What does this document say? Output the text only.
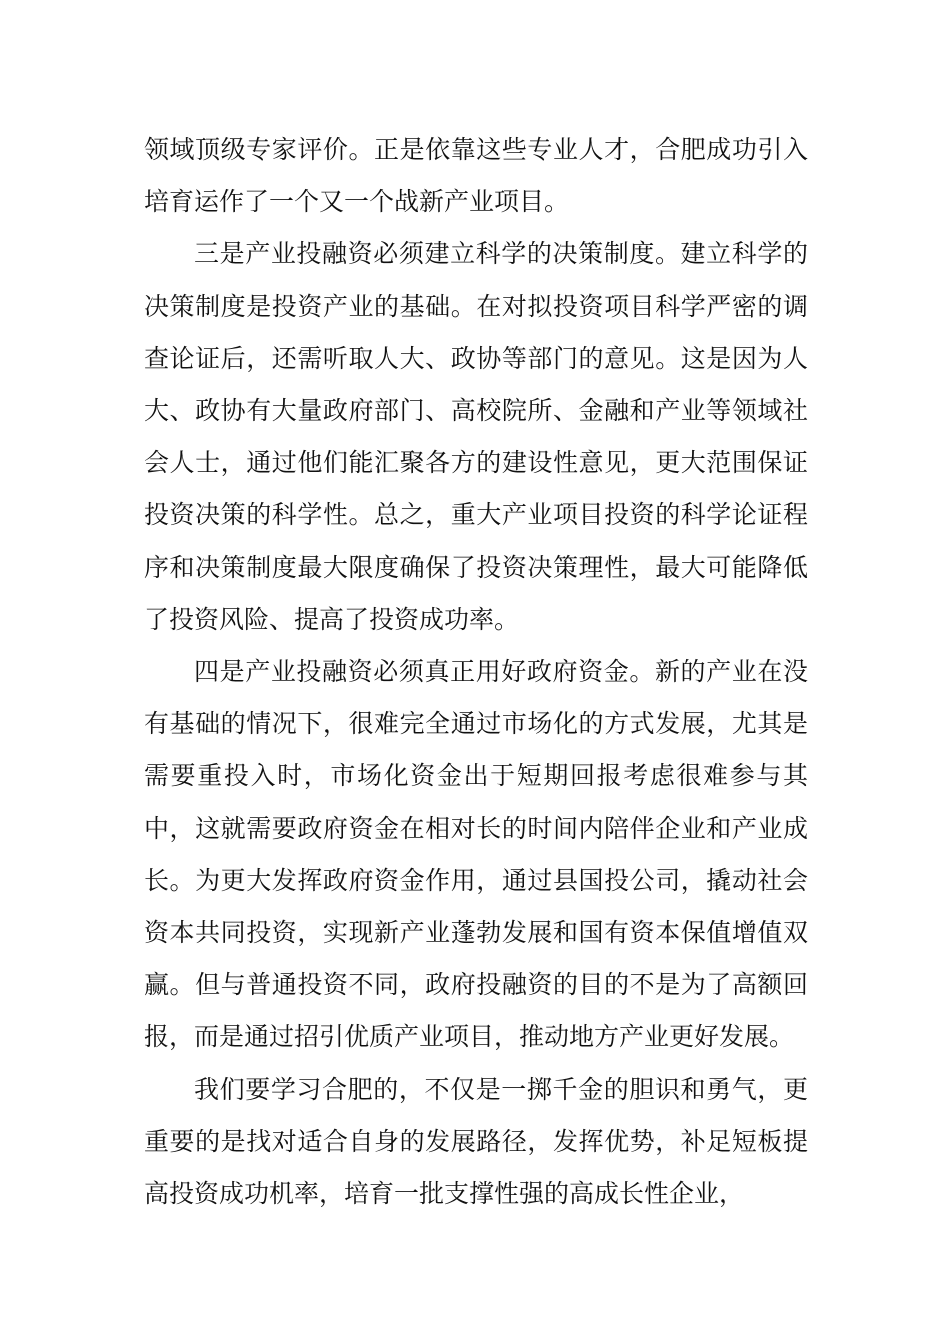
领域顶级专家评价。正是依靠这些专业人才，合肥成功引入培育运作了一个又一个战新产业项目。

三是产业投融资必须建立科学的决策制度。建立科学的决策制度是投资产业的基础。在对拟投资项目科学严密的调查论证后，还需听取人大、政协等部门的意见。这是因为人大、政协有大量政府部门、高校院所、金融和产业等领域社会人士，通过他们能汇聚各方的建设性意见，更大范围保证投资决策的科学性。总之，重大产业项目投资的科学论证程序和决策制度最大限度确保了投资决策理性，最大可能降低了投资风险、提高了投资成功率。

四是产业投融资必须真正用好政府资金。新的产业在没有基础的情况下，很难完全通过市场化的方式发展，尤其是需要重投入时，市场化资金出于短期回报考虑很难参与其中，这就需要政府资金在相对长的时间内陪伴企业和产业成长。为更大发挥政府资金作用，通过县国投公司，撬动社会资本共同投资，实现新产业蓬勃发展和国有资本保值增值双赢。但与普通投资不同，政府投融资的目的不是为了高额回报，而是通过招引优质产业项目，推动地方产业更好发展。

我们要学习合肥的，不仅是一掷千金的胆识和勇气，更重要的是找对适合自身的发展路径，发挥优势，补足短板提高投资成功机率，培育一批支撑性强的高成长性企业，
